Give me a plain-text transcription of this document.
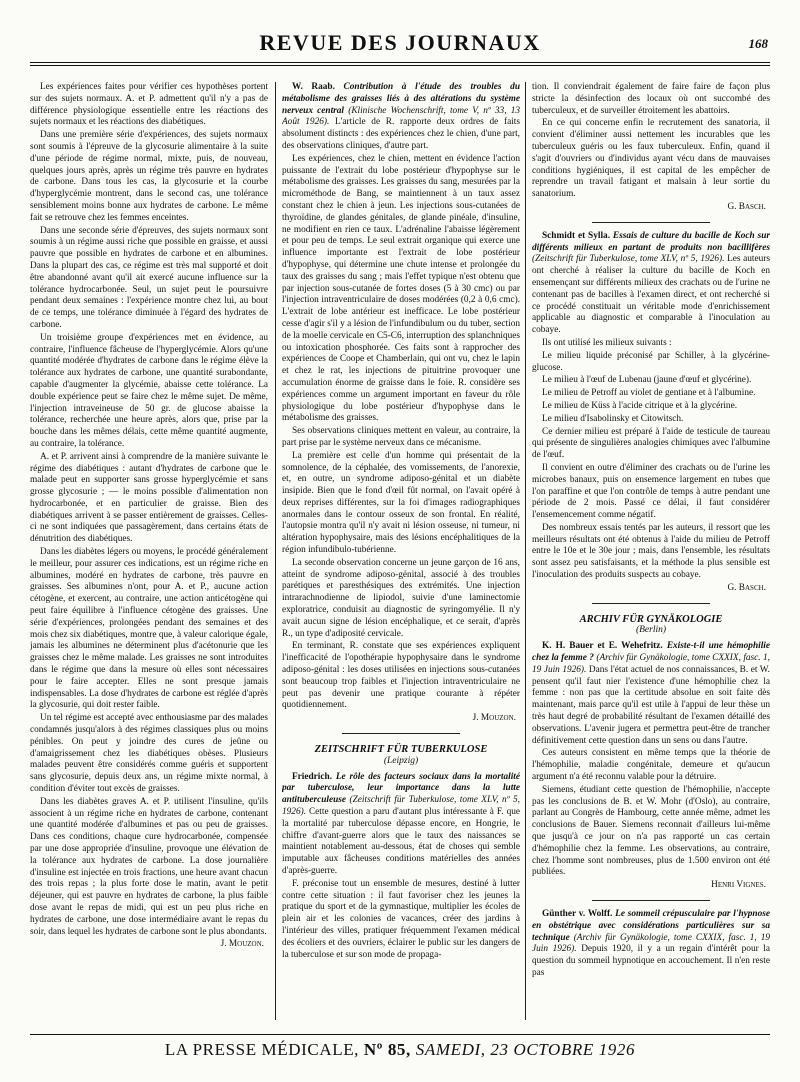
REVUE DES JOURNAUX	168

Les expériences faites pour vérifier ces hypothèses portent sur des sujets normaux. A. et P. admettent qu'il n'y a pas de différence physiologique essentielle entre les réactions des sujets normaux et les réactions des diabétiques.

Dans une première série d'expériences, des sujets normaux sont soumis à l'épreuve de la glycosurie alimentaire à la suite d'une période de régime normal, mixte, puis, de nouveau, quelques jours après, après un régime très pauvre en hydrates de carbone. Dans tous les cas, la glycosurie et la courbe d'hyperglycémie montrent, dans le second cas, une tolérance sensiblement moins bonne aux hydrates de carbone. Le même fait se retrouve chez les femmes enceintes.

Dans une seconde série d'épreuves, des sujets normaux sont soumis à un régime aussi riche que possible en graisse, et aussi pauvre que possible en hydrates de carbone et en albumines. Dans la plupart des cas, ce régime est très mal supporté et doit être abandonné avant qu'il ait exercé aucune influence sur la tolérance hydrocarbonée. Seul, un sujet peut le poursuivre pendant deux semaines : l'expérience montre chez lui, au bout de ce temps, une tolérance diminuée à l'égard des hydrates de carbone.

Un troisième groupe d'expériences met en évidence, au contraire, l'influence fâcheuse de l'hyperglycémie. Alors qu'une quantité modérée d'hydrates de carbone dans le régime élève la tolérance aux hydrates de carbone, une quantité surabondante, capable d'augmenter la glycémie, abaisse cette tolérance. La double expérience peut se faire chez le même sujet. De même, l'injection intraveineuse de 50 gr. de glucose abaisse la tolérance, recherchée une heure après, alors que, prise par la bouche dans les mêmes délais, cette même quantité augmente, au contraire, la tolérance.

A. et P. arrivent ainsi à comprendre de la manière suivante le régime des diabétiques : autant d'hydrates de carbone que le malade peut en supporter sans grosse hyperglycémie et sans grosse glycosurie ; — le moins possible d'alimentation non hydrocarbonée, et en particulier de graisse. Bien des diabétiques arrivent à se passer entièrement de graisses. Celles-ci ne sont indiquées que passagèrement, dans certains états de dénutrition des diabétiques.

Dans les diabètes légers ou moyens, le procédé généralement le meilleur, pour assurer ces indications, est un régime riche en albumines, modéré en hydrates de carbone, très pauvre en graisses. Ses albumines n'ont, pour A. et P., aucune action cétogène, et exercent, au contraire, une action anticétogène qui peut faire équilibre à l'influence cétogène des graisses. Une série d'expériences, prolongées pendant des semaines et des mois chez six diabétiques, montre que, à valeur calorique égale, jamais les albumines ne déterminent plus d'acétonurie que les graisses chez le même malade. Les graisses ne sont introduites dans le régime que dans la mesure où elles sont nécessaires pour le faire accepter. Elles ne sont presque jamais indispensables. La dose d'hydrates de carbone est réglée d'après la glycosurie, qui doit rester faible.

Un tel régime est accepté avec enthousiasme par des malades condamnés jusqu'alors à des régimes classiques plus ou moins pénibles. On peut y joindre des cures de jeûne ou d'amaigrissement chez les diabétiques obèses. Plusieurs malades peuvent être considérés comme guéris et supportent sans glycosurie, depuis deux ans, un régime mixte normal, à condition d'éviter tout excès de graisses.

Dans les diabètes graves A. et P. utilisent l'insuline, qu'ils associent à un régime riche en hydrates de carbone, contenant une quantité modérée d'albumines et pas ou peu de graisses. Dans ces conditions, chaque cure hydrocarbonée, compensée par une dose appropriée d'insuline, provoque une élévation de la tolérance aux hydrates de carbone. La dose journalière d'insuline est injectée en trois fractions, une heure avant chacun des trois repas ; la plus forte dose le matin, avant le petit déjeuner, qui est pauvre en hydrates de carbone, la plus faible dose avant le repas de midi, qui est un peu plus riche en hydrates de carbone, une dose intermédiaire avant le repas du soir, dans lequel les hydrates de carbone sont le plus abondants.

J. Mouzon.

W. Raab. Contribution à l'étude des troubles du métabolisme des graisses liés à des altérations du système nerveux central (Klinische Wochenschrift, tome V, nº 33, 13 Août 1926). L'article de R. rapporte deux ordres de faits absolument distincts : des expériences chez le chien, d'une part, des observations cliniques, d'autre part.

Les expériences, chez le chien, mettent en évidence l'action puissante de l'extrait du lobe postérieur d'hypophyse sur le métabolisme des graisses. Les graisses du sang, mesurées par la microméthode de Bang, se maintiennent à un taux assez constant chez le chien à jeun. Les injections sous-cutanées de thyroïdine, de glandes génitales, de glande pinéale, d'insuline, ne modifient en rien ce taux. L'adrénaline l'abaisse légèrement et pour peu de temps. Le seul extrait organique qui exerce une influence importante est l'extrait de lobe postérieur d'hypophyse, qui détermine une chute intense et prolongée du taux des graisses du sang ; mais l'effet typique n'est obtenu que par injection sous-cutanée de fortes doses (5 à 30 cmc) ou par l'injection intraventriculaire de doses modérées (0,2 à 0,6 cmc). L'extrait de lobe antérieur est inefficace. Le lobe postérieur cesse d'agir s'il y a lésion de l'infundibulum ou du tuber, section de la moelle cervicale en C5-C6, interruption des splanchniques ou intoxication phosphorée. Ces faits sont à rapprocher des expériences de Coope et Chamberlain, qui ont vu, chez le lapin et chez le rat, les injections de pituitrine provoquer une accumulation énorme de graisse dans le foie. R. considère ses expériences comme un argument important en faveur du rôle physiologique du lobe postérieur d'hypophyse dans le métabolisme des graisses.

Ses observations cliniques mettent en valeur, au contraire, la part prise par le système nerveux dans ce mécanisme.

La première est celle d'un homme qui présentait de la somnolence, de la céphalée, des vomissements, de l'anorexie, et, en outre, un syndrome adiposo-génital et un diabète insipide. Bien que le fond d'œil fût normal, on l'avait opéré à deux reprises différentes, sur la foi d'images radiographiques anormales dans le contour osseux de son frontal. En réalité, l'autopsie montra qu'il n'y avait ni lésion osseuse, ni tumeur, ni altération hypophysaire, mais des lésions encéphalitiques de la région infundibulo-tubérienne.

La seconde observation concerne un jeune garçon de 16 ans, atteint de syndrome adiposo-génital, associé à des troubles parétiques et paresthésiques des extrémités. Une injection intrarachnodienne de lipiodol, suivie d'une laminectomie exploratrice, conduisit au diagnostic de syringomyélie. Il n'y avait aucun signe de lésion encéphalique, et ce serait, d'après R., un type d'adiposité cervicale.

En terminant, R. constate que ses expériences expliquent l'inefficacité de l'opothérapie hypophysaire dans le syndrome adiposo-génital : les doses utilisées en injections sous-cutanées sont beaucoup trop faibles et l'injection intraventriculaire ne peut pas devenir une pratique courante à répéter quotidiennement.

J. Mouzon.
ZEITSCHRIFT FÜR TUBERKULOSE
(Leipzig)

Friedrich. Le rôle des facteurs sociaux dans la mortalité par tuberculose, leur importance dans la lutte antituberculeuse (Zeitschrift für Tuberkulose, tome XLV, nº 5, 1926). Cette question a paru d'autant plus intéressante à F. que la mortalité par tuberculose dépasse encore, en Hongrie, le chiffre d'avant-guerre alors que le taux des naissances se maintient notablement au-dessous, état de choses qui semble imputable aux fâcheuses conditions matérielles des années d'après-guerre.

F. préconise tout un ensemble de mesures, destiné à lutter contre cette situation : il faut favoriser chez les jeunes la pratique du sport et de la gymnastique, multiplier les écoles de plein air et les colonies de vacances, créer des jardins à l'intérieur des villes, pratiquer fréquemment l'examen médical des écoliers et des ouvriers, éclairer le public sur les dangers de la tuberculose et sur son mode de propaga-

tion. Il conviendrait également de faire faire de façon plus stricte la désinfection des locaux où ont succombé des tuberculeux, et de surveiller étroitement les abattoirs.

En ce qui concerne enfin le recrutement des sanatoria, il convient d'éliminer aussi nettement les incurables que les tuberculeux guéris ou les faux tuberculeux. Enfin, quand il s'agit d'ouvriers ou d'individus ayant vécu dans de mauvaises conditions hygiéniques, il est capital de les empêcher de reprendre un travail fatigant et malsain à leur sortie du sanatorium.

G. Basch.

Schmidt et Sylla. Essais de culture du bacille de Koch sur différents milieux en partant de produits non bacillifères (Zeitschrift für Tuberkulose, tome XLV, nº 5, 1926). Les auteurs ont cherché à réaliser la culture du bacille de Koch en ensemençant sur différents milieux des crachats ou de l'urine ne contenant pas de bacilles à l'examen direct, et ont recherché si ce procédé constituait un véritable mode d'enrichissement applicable au diagnostic et comparable à l'inoculation au cobaye.

Ils ont utilisé les milieux suivants :

Le milieu liquide préconisé par Schiller, à la glycérine-glucose.

Le milieu à l'œuf de Lubenau (jaune d'œuf et glycérine).

Le milieu de Petroff au violet de gentiane et à l'albumine.

Le milieu de Küss à l'acide citrique et à la glycérine.

Le milieu d'Isabolinsky et Citowitsch.

Ce dernier milieu est préparé à l'aide de testicule de taureau qui présente de singulières analogies chimiques avec l'albumine de l'œuf.

Il convient en outre d'éliminer des crachats ou de l'urine les microbes banaux, puis on ensemence largement en tubes que l'on paraffine et que l'on contrôle de temps à autre pendant une période de 2 mois. Passé ce délai, il faut considérer l'ensemencement comme négatif.

Des nombreux essais tentés par les auteurs, il ressort que les meilleurs résultats ont été obtenus à l'aide du milieu de Petroff entre le 10e et le 30e jour ; mais, dans l'ensemble, les résultats sont assez peu satisfaisants, et la méthode la plus sensible est l'inoculation des produits suspects au cobaye.

G. Basch.
ARCHIV FÜR GYNÄKOLOGIE
(Berlin)

K. H. Bauer et E. Wehefritz. Existe-t-il une hémophilie chez la femme ? (Archiv für Gynäkologie, tome CXXIX, fasc. 1, 19 Juin 1926). Dans l'état actuel de nos connaissances, B. et W. pensent qu'il faut nier l'existence d'une hémophilie chez la femme : non pas que la certitude absolue en soit faite dès maintenant, mais parce qu'il est utile à l'appui de leur thèse un très haut degré de probabilité résultant de l'examen détaillé des observations. L'avenir jugera et permettra peut-être de trancher définitivement cette question dans un sens ou dans l'autre.

Ces auteurs consistent en même temps que la théorie de l'hémophilie, maladie congénitale, demeure et qu'aucun argument n'a été reconnu valable pour la détruire.

Siemens, étudiant cette question de l'hémophilie, n'accepte pas les conclusions de B. et W. Mohr (d'Oslo), au contraire, parlant au Congrès de Hambourg, cette année même, admet les conclusions de Bauer. Siemens reconnait d'ailleurs lui-même que jusqu'à ce jour on n'a pas rapporté un cas certain d'hémophilie chez la femme. Les observations, au contraire, chez l'homme sont nombreuses, plus de 1.500 environ ont été publiées.

Henri Vignes.

Günther v. Wolff. Le sommeil crépusculaire par l'hypnose en obstétrique avec considérations particulières sur sa technique (Archiv für Gynäkologie, tome CXXIX, fasc. 1, 19 Juin 1926). Depuis 1920, il y a un regain d'intérêt pour la question du sommeil hypnotique en accouchement. Il n'en reste pas

LA PRESSE MÉDICALE, Nº 85, SAMEDI, 23 OCTOBRE 1926
